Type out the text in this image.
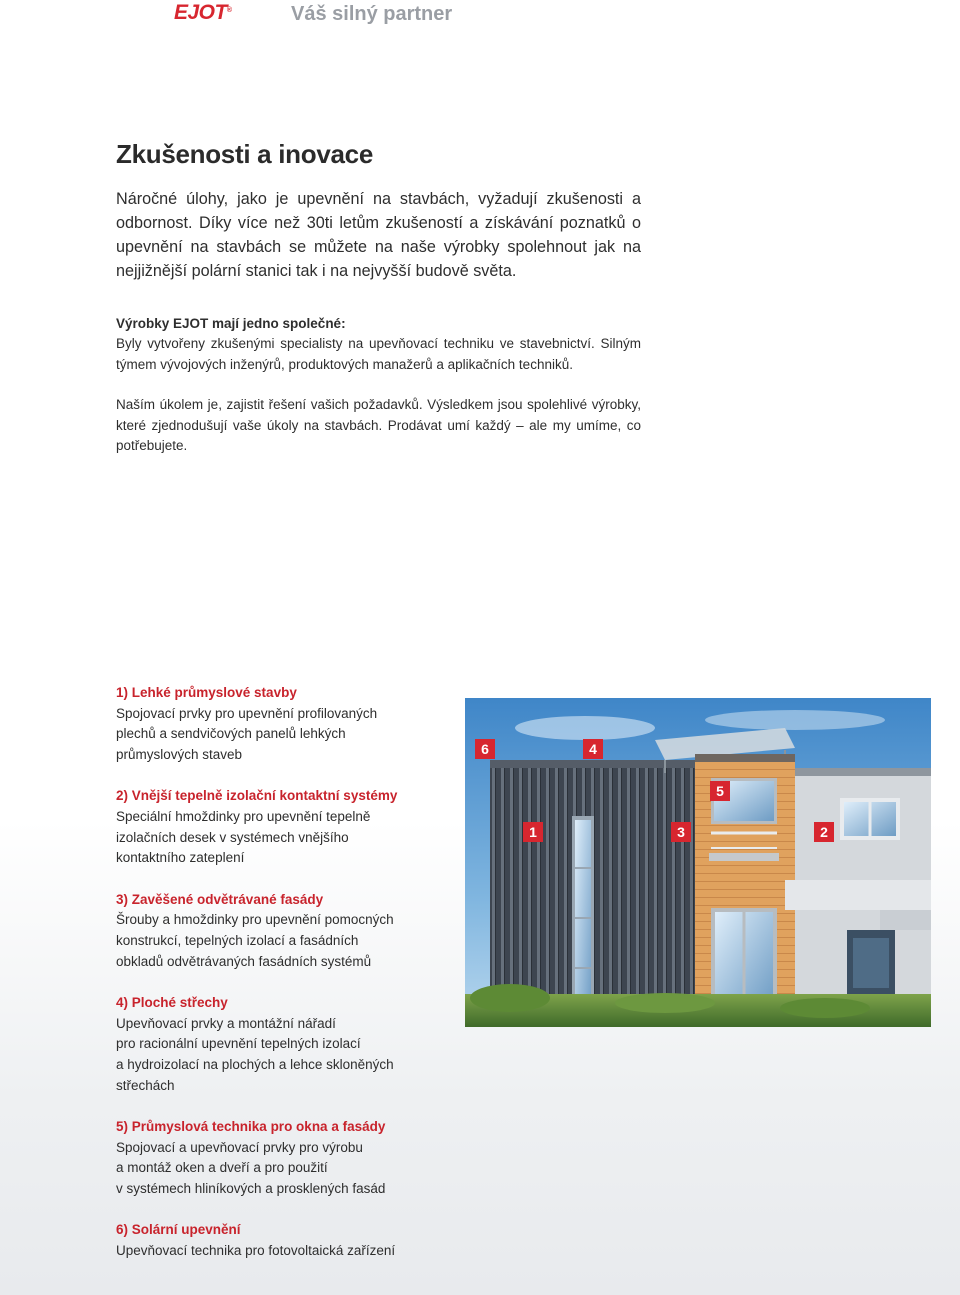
EJOT®	Váš silný partner
Zkušenosti a inovace

Náročné úlohy, jako je upevnění na stavbách, vyžadují zkušenosti a odbornost. Díky více než 30ti letům zkušeností a získávání poznatků o upevnění na stavbách se můžete na naše výrobky spolehnout jak na nejjižnější polární stanici tak i na nejvyšší budově světa.

Výrobky EJOT mají jedno společné:

Byly vytvořeny zkušenými specialisty na upevňovací techniku ve stavebnictví. Silným týmem vývojových inženýrů, produktových manažerů a aplikačních techniků.

Naším úkolem je, zajistit řešení vašich požadavků. Výsledkem jsou spolehlivé výrobky, které zjednodušují vaše úkoly na stavbách. Prodávat umí každý – ale my umíme, co potřebujete.

1) Lehké průmyslové stavby

Spojovací prvky pro upevnění profilovaných
plechů a sendvičových panelů lehkých
průmyslových staveb

2) Vnější tepelně izolační kontaktní systémy

Speciální hmoždinky pro upevnění tepelně
izolačních desek v systémech vnějšího
kontaktního zateplení

3) Zavěšené odvětrávané fasády

Šrouby a hmoždinky pro upevnění pomocných
konstrukcí, tepelných izolací a fasádních
obkladů odvětrávaných fasádních systémů

4) Ploché střechy

Upevňovací prvky a montážní nářadí
pro racionální upevnění tepelných izolací
a hydroizolací na plochých a lehce skloněných
střechách

5) Průmyslová technika pro okna a fasády

Spojovací a upevňovací prvky pro výrobu
a montáž oken a dveří a pro použití
v systémech hliníkových a prosklených fasád

6) Solární upevnění

Upevňovací technika pro fotovoltaická zařízení

6	4
5
1	3	2
